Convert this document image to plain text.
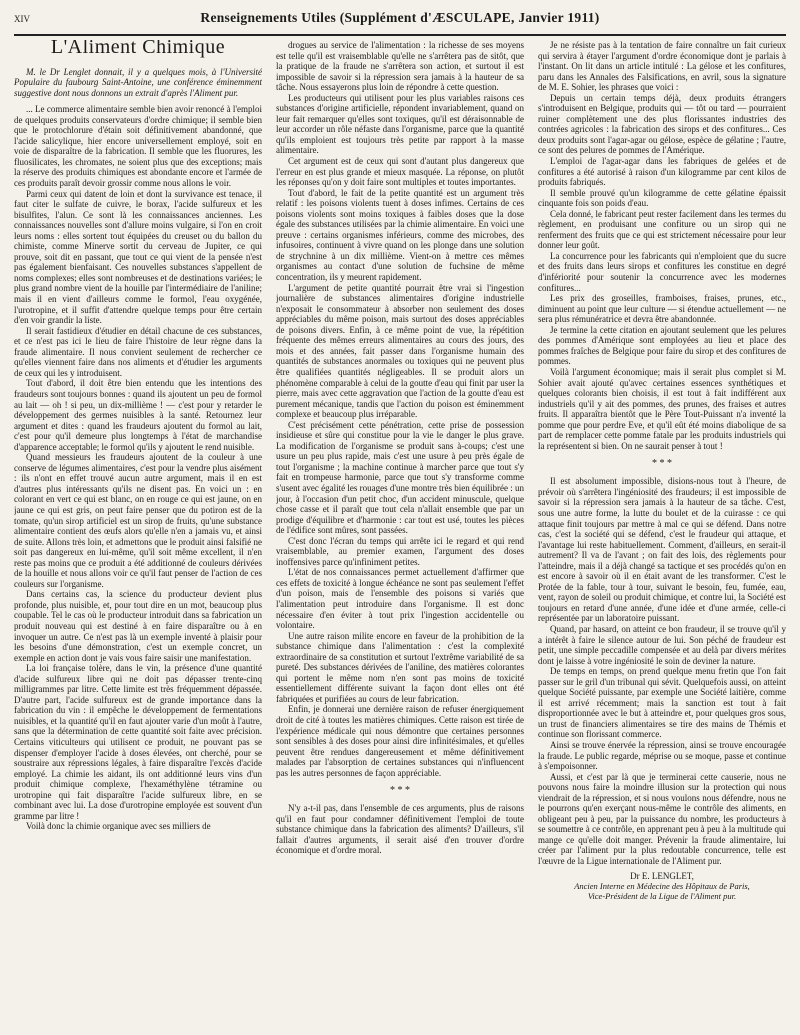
XIV	Renseignements Utiles (Supplément d'ÆSCULAPE, Janvier 1911)
L'Aliment Chimique

M. le Dr Lenglet donnait, il y a quelques mois, à l'Université Populaire du faubourg Saint-Antoine, une conférence éminemment suggestive dont nous donnons un extrait d'après l'Aliment pur.

... Le commerce alimentaire semble bien avoir renoncé à l'emploi de quelques produits conservateurs d'ordre chimique; il semble bien que le protochlorure d'étain soit définitivement abandonné, que l'acide salicylique, hier encore universellement employé, soit en voie de disparaître de la fabrication. Il semble que les fluorures, les fluosilicates, les chromates, ne soient plus que des exceptions; mais la réserve des produits chimiques est abondante encore et l'armée de ces produits paraît devoir grossir comme nous allons le voir.

Parmi ceux qui datent de loin et dont la survivance est tenace, il faut citer le sulfate de cuivre, le borax, l'acide sulfureux et les bisulfites, l'alun. Ce sont là les connaissances anciennes. Les connaissances nouvelles sont d'allure moins vulgaire, si l'on en croit leurs noms : elles sortent tout équipées du creuset ou du ballon du chimiste, comme Minerve sortit du cerveau de Jupiter, ce qui prouve, soit dit en passant, que tout ce qui vient de la pensée n'est pas également bienfaisant. Ces nouvelles substances s'appellent de noms complexes; elles sont nombreuses et de destinations variées; le plus grand nombre vient de la houille par l'intermédiaire de l'aniline; mais il en vient d'ailleurs comme le formol, l'eau oxygénée, l'urotropine, et il suffit d'attendre quelque temps pour être certain d'en voir grandir la liste.

Il serait fastidieux d'étudier en détail chacune de ces substances, et ce n'est pas ici le lieu de faire l'histoire de leur règne dans la fraude alimentaire. Il nous convient seulement de rechercher ce qu'elles viennent faire dans nos aliments et d'étudier les arguments de ceux qui les y introduisent.

Tout d'abord, il doit être bien entendu que les intentions des fraudeurs sont toujours bonnes : quand ils ajoutent un peu de formol au lait — oh ! si peu, un dix-millième ! — c'est pour y retarder le développement des germes nuisibles à la santé. Retournez leur argument et dites : quand les fraudeurs ajoutent du formol au lait, c'est pour qu'il demeure plus longtemps à l'état de marchandise d'apparence acceptable; le formol qu'ils y ajoutent le rend nuisible.

Quand messieurs les fraudeurs ajoutent de la couleur à une conserve de légumes alimentaires, c'est pour la vendre plus aisément : ils n'ont en effet trouvé aucun autre argument, mais il en est d'autres plus intéressants qu'ils ne disent pas. En voici un : en colorant en vert ce qui est blanc, on en rouge ce qui est jaune, on en jaune ce qui est gris, on peut faire penser que du potiron est de la tomate, qu'un sirop artificiel est un sirop de fruits, qu'une substance alimentaire contient des œufs alors qu'elle n'en a jamais vu, et ainsi de suite. Allons très loin, et admettons que le produit ainsi falsifié ne soit pas dangereux en lui-même, qu'il soit même excellent, il n'en reste pas moins que ce produit a été additionné de couleurs dérivées de la houille et nous allons voir ce qu'il faut penser de l'action de ces couleurs sur l'organisme.

Dans certains cas, la science du producteur devient plus profonde, plus nuisible, et, pour tout dire en un mot, beaucoup plus coupable. Tel le cas où le producteur introduit dans sa fabrication un produit nouveau qui est destiné à en faire disparaître ou à en invoquer un autre. Ce n'est pas là un exemple inventé à plaisir pour les besoins d'une démonstration, c'est un exemple concret, un exemple en action dont je vais vous faire saisir une manifestation.

La loi française tolère, dans le vin, la présence d'une quantité d'acide sulfureux libre qui ne doit pas dépasser trente-cinq milligrammes par litre. Cette limite est très fréquemment dépassée. D'autre part, l'acide sulfureux est de grande importance dans la fabrication du vin : il empêche le développement de fermentations nuisibles, et la quantité qu'il en faut ajouter varie d'un moût à l'autre, sans que la détermination de cette quantité soit faite avec précision. Certains viticulteurs qui utilisent ce produit, ne pouvant pas se dispenser d'employer l'acide à doses élevées, ont cherché, pour se soustraire aux répressions légales, à faire disparaître l'excès d'acide employé. La chimie les aidant, ils ont additionné leurs vins d'un produit chimique complexe, l'hexaméthylène tétramine ou urotropine qui fait disparaître l'acide sulfureux libre, en se combinant avec lui. La dose d'urotropine employée est souvent d'un gramme par litre !

Voilà donc la chimie organique avec ses milliers de

drogues au service de l'alimentation : la richesse de ses moyens est telle qu'il est vraisemblable qu'elle ne s'arrêtera pas de sitôt, que la pratique de la fraude ne s'arrêtera son action, et surtout il est impossible de savoir si la répression sera jamais à la hauteur de sa tâche. Nous essayerons plus loin de répondre à cette question.

Les producteurs qui utilisent pour les plus variables raisons ces substances d'origine artificielle, répondent invariablement, quand on leur fait remarquer qu'elles sont toxiques, qu'il est déraisonnable de leur accorder un rôle néfaste dans l'organisme, parce que la quantité qu'ils emploient est toujours très petite par rapport à la masse alimentaire.

Cet argument est de ceux qui sont d'autant plus dangereux que l'erreur en est plus grande et mieux masquée. La réponse, on plutôt les réponses qu'on y doit faire sont multiples et toutes importantes.

Tout d'abord, le fait de la petite quantité est un argument très relatif : les poisons violents tuent à doses infimes. Certains de ces poisons violents sont moins toxiques à faibles doses que la dose égale des substances utilisées par la chimie alimentaire. En voici une preuve : certains organismes inférieurs, comme des microbes, des infusoires, continuent à vivre quand on les plonge dans une solution de strychnine à un dix millième. Vient-on à mettre ces mêmes organismes au contact d'une solution de fuchsine de même concentration, ils y meurent rapidement.

L'argument de petite quantité pourrait être vrai si l'ingestion journalière de substances alimentaires d'origine industrielle n'exposait le consommateur à absorber non seulement des doses appréciables du même poison, mais surtout des doses appréciables de poisons divers. Enfin, à ce même point de vue, la répétition fréquente des mêmes erreurs alimentaires au cours des jours, des mois et des années, fait passer dans l'organisme humain des quantités de substances anormales ou toxiques qui ne peuvent plus être qualifiées quantités négligeables. Il se produit alors un phénomène comparable à celui de la goutte d'eau qui finit par user la pierre, mais avec cette aggravation que l'action de la goutte d'eau est purement mécanique, tandis que l'action du poison est éminemment complexe et beaucoup plus irréparable.

C'est précisément cette pénétration, cette prise de possession insidieuse et sûre qui constitue pour la vie le danger le plus grave. La modification de l'organisme se produit sans à-coups; c'est une usure un peu plus rapide, mais c'est une usure à peu près égale de tout l'organisme ; la machine continue à marcher parce que tout s'y fait en trompeuse harmonie, parce que tout s'y transforme comme s'usent avec égalité les rouages d'une montre très bien équilibrée : un jour, à l'occasion d'un petit choc, d'un accident minuscule, quelque chose casse et il paraît que tout cela n'allait ensemble que par un prodige d'équilibre et d'harmonie : car tout est usé, toutes les pièces de l'édifice sont mûres, sont passées.

C'est donc l'écran du temps qui arrête ici le regard et qui rend vraisemblable, au premier examen, l'argument des doses inoffensives parce qu'infiniment petites.

L'état de nos connaissances permet actuellement d'affirmer que ces effets de toxicité à longue échéance ne sont pas seulement l'effet d'un poison, mais de l'ensemble des poisons si variés que l'alimentation peut introduire dans l'organisme. Il est donc nécessaire d'en éviter à tout prix l'ingestion accidentelle ou volontaire.

Une autre raison milite encore en faveur de la prohibition de la substance chimique dans l'alimentation : c'est la complexité extraordinaire de sa constitution et surtout l'extrême variabilité de sa pureté. Des substances dérivées de l'aniline, des matières colorantes qui portent le même nom n'en sont pas moins de toxicité essentiellement différente suivant la façon dont elles ont été fabriquées et purifiées au cours de leur fabrication.

Enfin, je donnerai une dernière raison de refuser énergiquement droit de cité à toutes les matières chimiques. Cette raison est tirée de l'expérience médicale qui nous démontre que certaines personnes sont sensibles à des doses pour ainsi dire infinitésimales, et qu'elles peuvent être rendues dangereusement et même définitivement malades par l'absorption de certaines substances qui n'influencent pas les autres personnes de façon appréciable.

* * *

N'y a-t-il pas, dans l'ensemble de ces arguments, plus de raisons qu'il en faut pour condamner définitivement l'emploi de toute substance chimique dans la fabrication des aliments? D'ailleurs, s'il fallait d'autres arguments, il serait aisé d'en trouver d'ordre économique et d'ordre moral.

Je ne résiste pas à la tentation de faire connaître un fait curieux qui servira à étayer l'argument d'ordre économique dont je parlais à l'instant. On lit dans un article intitulé : La gélose et les confitures, paru dans les Annales des Falsifications, en avril, sous la signature de M. E. Sohier, les phrases que voici :

Depuis un certain temps déjà, deux produits étrangers s'introduisent en Belgique, produits qui — tôt ou tard — pourraient ruiner complètement une des plus florissantes industries des contrées agricoles : la fabrication des sirops et des confitures... Ces deux produits sont l'agar-agar ou gélose, espèce de gélatine ; l'autre, ce sont des pelures de pommes de l'Amérique.

L'emploi de l'agar-agar dans les fabriques de gelées et de confitures a été autorisé à raison d'un kilogramme par cent kilos de produits fabriqués.

Il semble prouvé qu'un kilogramme de cette gélatine épaissit cinquante fois son poids d'eau.

Cela donné, le fabricant peut rester facilement dans les termes du règlement, en produisant une confiture ou un sirop qui ne renferment des fruits que ce qui est strictement nécessaire pour leur donner leur goût.

La concurrence pour les fabricants qui n'emploient que du sucre et des fruits dans leurs sirops et confitures les constitue en degré d'infériorité pour soutenir la concurrence avec les modernes confitures...

Les prix des groseilles, framboises, fraises, prunes, etc., diminuent au point que leur culture — si étendue actuellement — ne sera plus rémunératrice et devra être abandonnée.

Je termine la cette citation en ajoutant seulement que les pelures des pommes d'Amérique sont employées au lieu et place des pommes fraîches de Belgique pour faire du sirop et des confitures de pommes.

Voilà l'argument économique; mais il serait plus complet si M. Sohier avait ajouté qu'avec certaines essences synthétiques et quelques colorants bien choisis, il est tout à fait indifférent aux industriels qu'il y ait des pommes, des prunes, des fraises et autres fruits. Il apparaîtra bientôt que le Père Tout-Puissant n'a inventé la pomme que pour perdre Eve, et qu'il eût été moins diabolique de sa part de remplacer cette pomme fatale par les produits industriels qui la représentent si bien. On ne saurait penser à tout !

* * *

Il est absolument impossible, disions-nous tout à l'heure, de prévoir où s'arrêtera l'ingéniosité des fraudeurs; il est impossible de savoir si la répression sera jamais à la hauteur de sa tâche. C'est, sous une autre forme, la lutte du boulet et de la cuirasse : ce qui attaque finit toujours par mettre à mal ce qui se défend. Dans notre cas, c'est la société qui se défend, c'est le fraudeur qui attaque, et l'avantage lui reste habituellement. Comment, d'ailleurs, en serait-il autrement? Il va de l'avant ; on fait des lois, des règlements pour l'atteindre, mais il a déjà changé sa tactique et ses procédés qu'on en est encore à savoir où il en était avant de les transformer. C'est le Protée de la fable, tour à tour, suivant le besoin, feu, fumée, eau, vent, rayon de soleil ou produit chimique, et contre lui, la Société est toujours en retard d'une année, d'une idée et d'une armée, celle-ci représentée par un laboratoire puissant.

Quand, par hasard, on atteint ce bon fraudeur, il se trouve qu'il y a intérêt à faire le silence autour de lui. Son péché de fraudeur est petit, une simple peccadille compensée et au delà par divers mérites dont je laisse à votre ingéniosité le soin de deviner la nature.

De temps en temps, on prend quelque menu fretin que l'on fait passer sur le gril d'un tribunal qui sévit. Quelquefois aussi, on atteint quelque Société puissante, par exemple une Société laitière, comme il est arrivé récemment; mais la sanction est tout à fait disproportionnée avec le but à atteindre et, pour quelques gros sous, un trust de financiers alimentaires se tire des mains de Thémis et continue son florissant commerce.

Ainsi se trouve énervée la répression, ainsi se trouve encouragée la fraude. Le public regarde, méprise ou se moque, passe et continue à s'empoisonner.

Aussi, et c'est par là que je terminerai cette causerie, nous ne pouvons nous faire la moindre illusion sur la protection qui nous viendrait de la répression, et si nous voulons nous défendre, nous ne le pourrons qu'en exerçant nous-même le contrôle des aliments, en obligeant peu à peu, par la puissance du nombre, les producteurs à se soumettre à ce contrôle, en apprenant peu à peu à la multitude qui mange ce qu'elle doit manger. Prévenir la fraude alimentaire, lui créer par l'aliment pur la plus redoutable concurrence, telle est l'œuvre de la Ligue internationale de l'Aliment pur.

Dr E. LENGLET,
Ancien Interne en Médecine des Hôpitaux de Paris,
Vice-Président de la Ligue de l'Aliment pur.
